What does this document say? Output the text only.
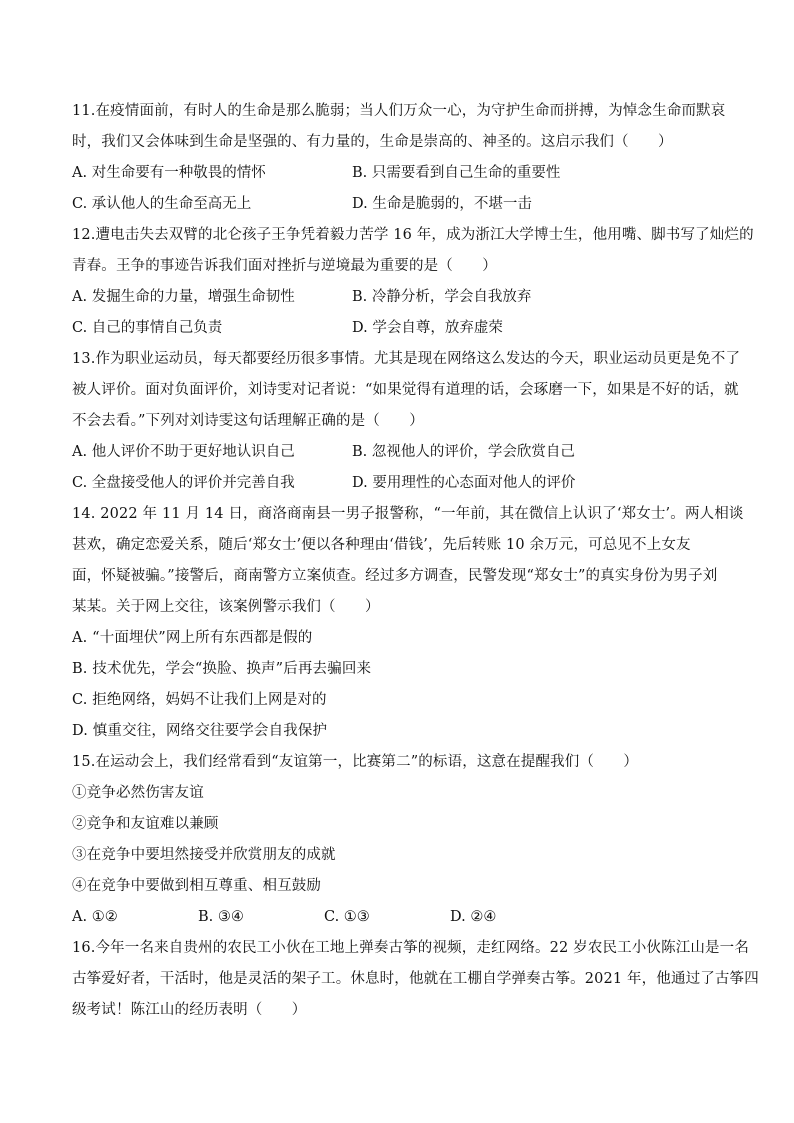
11.在疫情面前，有时人的生命是那么脆弱；当人们万众一心，为守护生命而拼搏，为悼念生命而默哀
时，我们又会体味到生命是坚强的、有力量的，生命是崇高的、神圣的。这启示我们（　　）
A. 对生命要有一种敬畏的情怀	B. 只需要看到自己生命的重要性
C. 承认他人的生命至高无上	D. 生命是脆弱的，不堪一击
12.遭电击失去双臂的北仑孩子王争凭着毅力苦学 16 年，成为浙江大学博士生，他用嘴、脚书写了灿烂的
青春。王争的事迹告诉我们面对挫折与逆境最为重要的是（　　）
A. 发掘生命的力量，增强生命韧性	B. 冷静分析，学会自我放弃
C. 自己的事情自己负责	D. 学会自尊，放弃虚荣
13.作为职业运动员，每天都要经历很多事情。尤其是现在网络这么发达的今天，职业运动员更是免不了
被人评价。面对负面评价，刘诗雯对记者说：“如果觉得有道理的话，会琢磨一下，如果是不好的话，就
不会去看。”下列对刘诗雯这句话理解正确的是（　　）
A. 他人评价不助于更好地认识自己	B. 忽视他人的评价，学会欣赏自己
C. 全盘接受他人的评价并完善自我	D. 要用理性的心态面对他人的评价
14. 2022 年 11 月 14 日，商洛商南县一男子报警称，“一年前，其在微信上认识了‘郑女士’。两人相谈
甚欢，确定恋爱关系，随后‘郑女士’便以各种理由‘借钱’，先后转账 10 余万元，可总见不上女友
面，怀疑被骗。”接警后，商南警方立案侦查。经过多方调查，民警发现“郑女士”的真实身份为男子刘
某某。关于网上交往，该案例警示我们（　　）
A. “十面埋伏”网上所有东西都是假的
B. 技术优先，学会“换脸、换声”后再去骗回来
C. 拒绝网络，妈妈不让我们上网是对的
D. 慎重交往，网络交往要学会自我保护
15.在运动会上，我们经常看到“友谊第一，比赛第二”的标语，这意在提醒我们（　　）
①竞争必然伤害友谊
②竞争和友谊难以兼顾
③在竞争中要坦然接受并欣赏朋友的成就
④在竞争中要做到相互尊重、相互鼓励
A. ①②	B. ③④	C. ①③	D. ②④
16.今年一名来自贵州的农民工小伙在工地上弹奏古筝的视频，走红网络。22 岁农民工小伙陈江山是一名
古筝爱好者，干活时，他是灵活的架子工。休息时，他就在工棚自学弹奏古筝。2021 年，他通过了古筝四
级考试！陈江山的经历表明（　　）
